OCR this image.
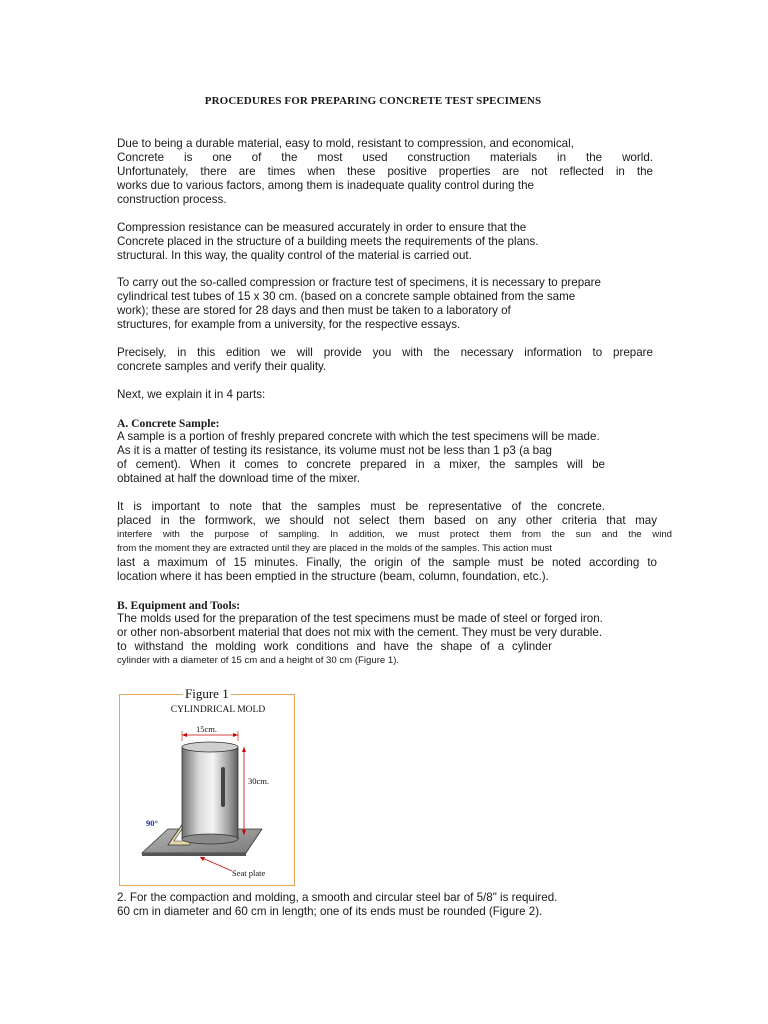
PROCEDURES FOR PREPARING CONCRETE TEST SPECIMENS

Due to being a durable material, easy to mold, resistant to compression, and economical,
Concrete is one of the most used construction materials in the world.
Unfortunately, there are times when these positive properties are not reflected in the
works due to various factors, among them is inadequate quality control during the
construction process.

Compression resistance can be measured accurately in order to ensure that the
Concrete placed in the structure of a building meets the requirements of the plans.
structural. In this way, the quality control of the material is carried out.

To carry out the so-called compression or fracture test of specimens, it is necessary to prepare
cylindrical test tubes of 15 x 30 cm. (based on a concrete sample obtained from the same
work); these are stored for 28 days and then must be taken to a laboratory of
structures, for example from a university, for the respective essays.

Precisely, in this edition we will provide you with the necessary information to prepare
concrete samples and verify their quality.

Next, we explain it in 4 parts:

A. Concrete Sample:

A sample is a portion of freshly prepared concrete with which the test specimens will be made.
As it is a matter of testing its resistance, its volume must not be less than 1 p3 (a bag
of cement). When it comes to concrete prepared in a mixer, the samples will be
obtained at half the download time of the mixer.

It is important to note that the samples must be representative of the concrete.
placed in the formwork, we should not select them based on any other criteria that may
interfere with the purpose of sampling. In addition, we must protect them from the sun and the wind
from the moment they are extracted until they are placed in the molds of the samples. This action must
last a maximum of 15 minutes. Finally, the origin of the sample must be noted according to
location where it has been emptied in the structure (beam, column, foundation, etc.).

B. Equipment and Tools:

The molds used for the preparation of the test specimens must be made of steel or forged iron.
or other non-absorbent material that does not mix with the cement. They must be very durable.
to withstand the molding work conditions and have the shape of a cylinder
cylinder with a diameter of 15 cm and a height of 30 cm (Figure 1).

Figure 1
CYLINDRICAL MOLD
15cm.
30cm.
90°
Seat plate

2. For the compaction and molding, a smooth and circular steel bar of 5/8" is required.
60 cm in diameter and 60 cm in length; one of its ends must be rounded (Figure 2).
